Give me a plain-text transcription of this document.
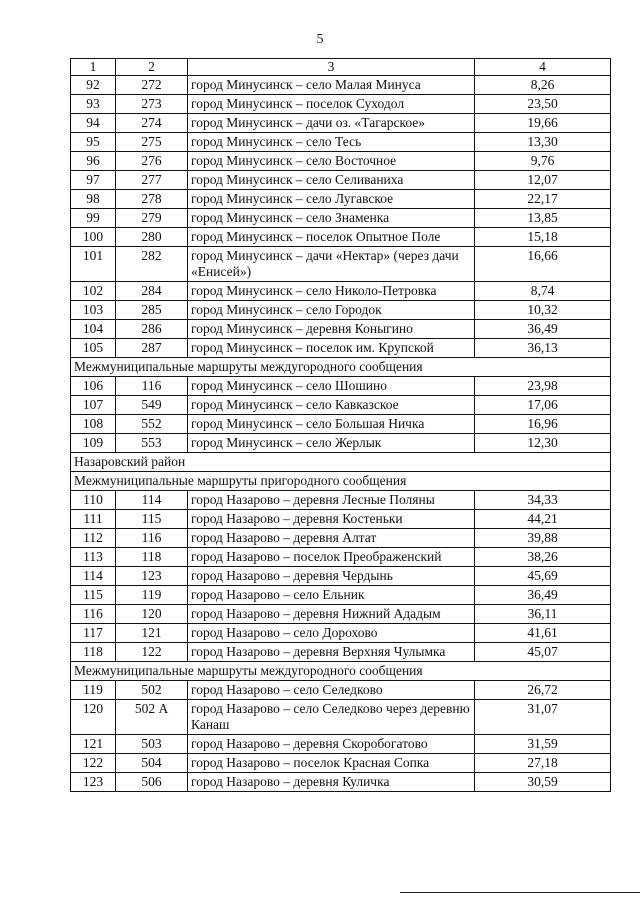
5
1	2	3	4
92	272	город Минусинск – село Малая Минуса	8,26
93	273	город Минусинск – поселок Суходол	23,50
94	274	город Минусинск – дачи оз. «Тагарское»	19,66
95	275	город Минусинск – село Тесь	13,30
96	276	город Минусинск – село Восточное	9,76
97	277	город Минусинск – село Селиваниха	12,07
98	278	город Минусинск – село Лугавское	22,17
99	279	город Минусинск – село Знаменка	13,85
100	280	город Минусинск – поселок Опытное Поле	15,18
101	282	город Минусинск – дачи «Нектар» (через дачи «Енисей»)	16,66
102	284	город Минусинск – село Николо-Петровка	8,74
103	285	город Минусинск – село Городок	10,32
104	286	город Минусинск – деревня Коныгино	36,49
105	287	город Минусинск – поселок им. Крупской	36,13
Межмуниципальные маршруты междугородного сообщения			
106	116	город Минусинск – село Шошино	23,98
107	549	город Минусинск – село Кавказское	17,06
108	552	город Минусинск – село Большая Ничка	16,96
109	553	город Минусинск – село Жерлык	12,30
Назаровский район			
Межмуниципальные маршруты пригородного сообщения			
110	114	город Назарово – деревня Лесные Поляны	34,33
111	115	город Назарово – деревня Костеньки	44,21
112	116	город Назарово – деревня Алтат	39,88
113	118	город Назарово – поселок Преображенский	38,26
114	123	город Назарово – деревня Чердынь	45,69
115	119	город Назарово – село Ельник	36,49
116	120	город Назарово – деревня Нижний Ададым	36,11
117	121	город Назарово – село Дорохово	41,61
118	122	город Назарово – деревня Верхняя Чулымка	45,07
Межмуниципальные маршруты междугородного сообщения			
119	502	город Назарово – село Селедково	26,72
120	502 А	город Назарово – село Селедково через деревню Канаш	31,07
121	503	город Назарово – деревня Скоробогатово	31,59
122	504	город Назарово – поселок Красная Сопка	27,18
123	506	город Назарово – деревня Куличка	30,59
